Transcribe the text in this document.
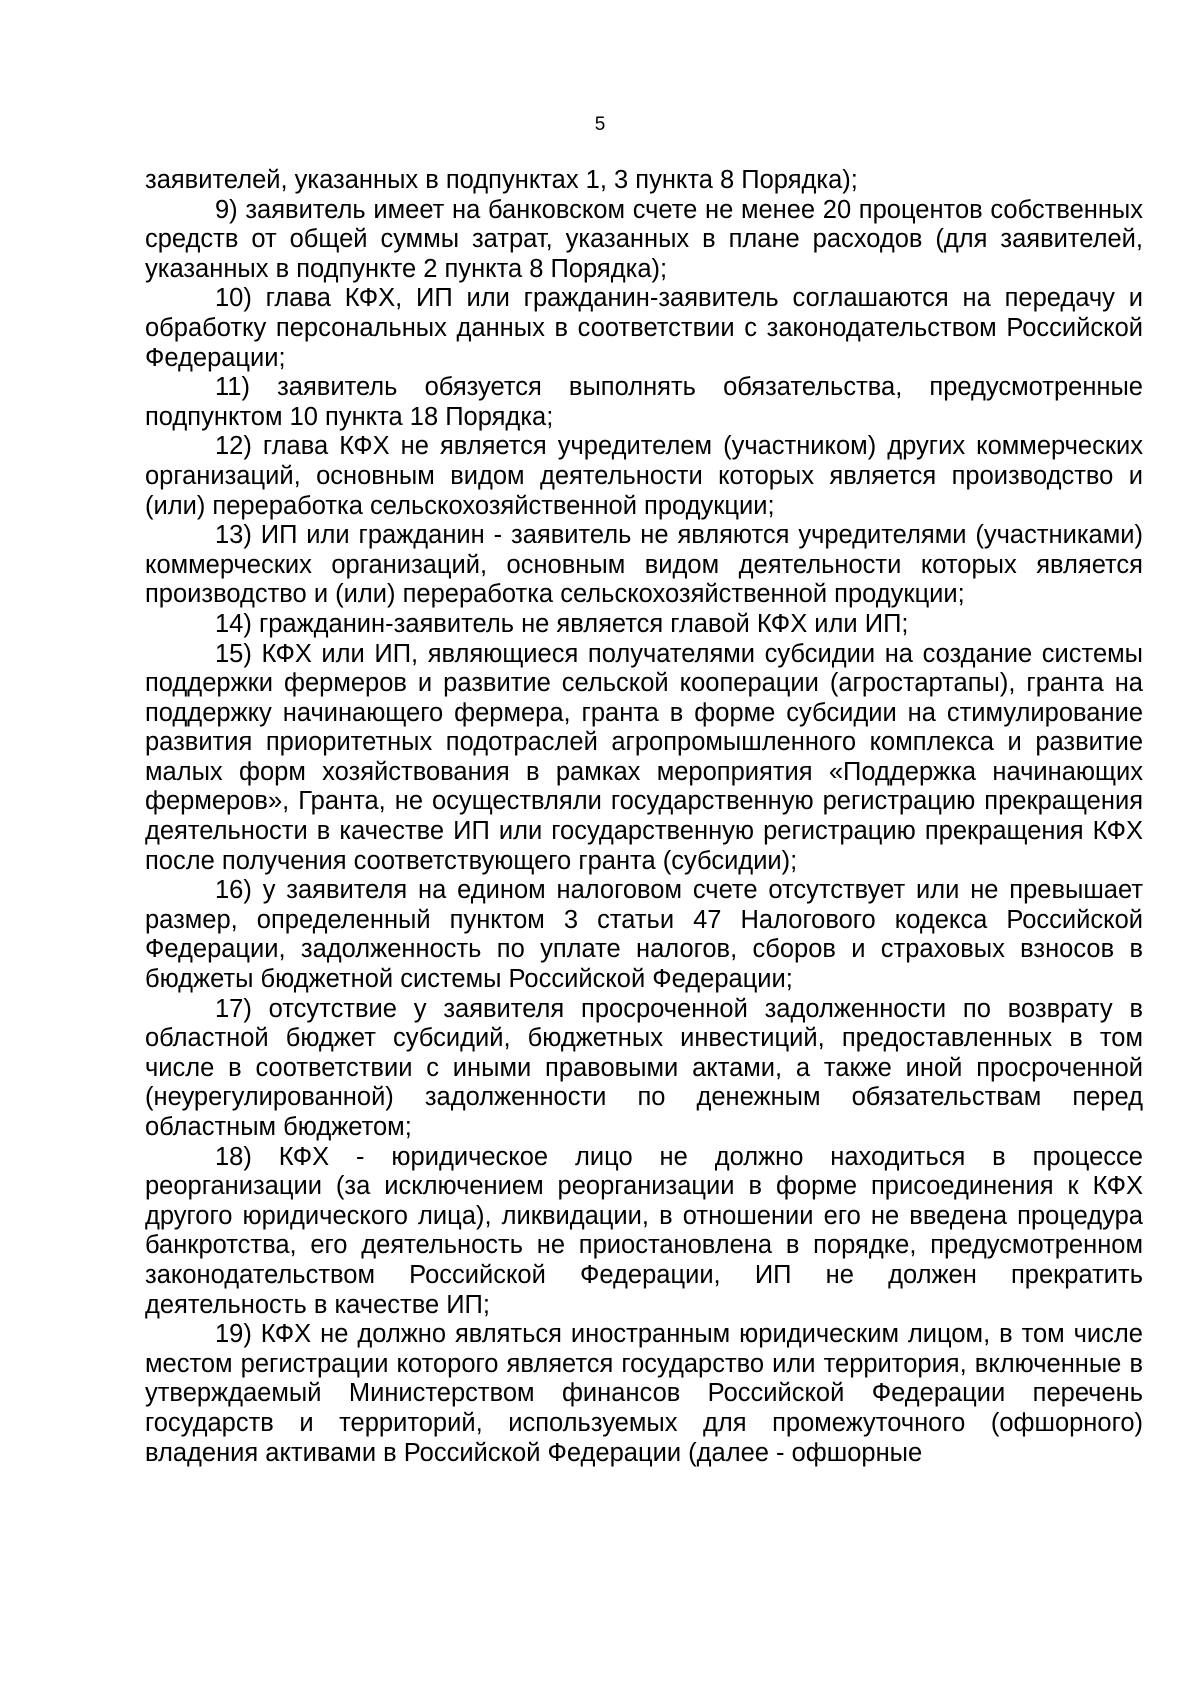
5

заявителей, указанных в подпунктах 1, 3 пункта 8 Порядка);

9) заявитель имеет на банковском счете не менее 20 процентов собственных средств от общей суммы затрат, указанных в плане расходов (для заявителей, указанных в подпункте 2 пункта 8 Порядка);

10) глава КФХ, ИП или гражданин-заявитель соглашаются на передачу и обработку персональных данных в соответствии с законодательством Российской Федерации;

11) заявитель обязуется выполнять обязательства, предусмотренные подпунктом 10 пункта 18 Порядка;

12) глава КФХ не является учредителем (участником) других коммерческих организаций, основным видом деятельности которых является производство и (или) переработка сельскохозяйственной продукции;

13) ИП или гражданин - заявитель не являются учредителями (участниками) коммерческих организаций, основным видом деятельности которых является производство и (или) переработка сельскохозяйственной продукции;

14) гражданин-заявитель не является главой КФХ или ИП;

15) КФХ или ИП, являющиеся получателями субсидии на создание системы поддержки фермеров и развитие сельской кооперации (агростартапы), гранта на поддержку начинающего фермера, гранта в форме субсидии на стимулирование развития приоритетных подотраслей агропромышленного комплекса и развитие малых форм хозяйствования в рамках мероприятия «Поддержка начинающих фермеров», Гранта, не осуществляли государственную регистрацию прекращения деятельности в качестве ИП или государственную регистрацию прекращения КФХ после получения соответствующего гранта (субсидии);

16) у заявителя на едином налоговом счете отсутствует или не превышает размер, определенный пунктом 3 статьи 47 Налогового кодекса Российской Федерации, задолженность по уплате налогов, сборов и страховых взносов в бюджеты бюджетной системы Российской Федерации;

17) отсутствие у заявителя просроченной задолженности по возврату в областной бюджет субсидий, бюджетных инвестиций, предоставленных в том числе в соответствии с иными правовыми актами, а также иной просроченной (неурегулированной) задолженности по денежным обязательствам перед областным бюджетом;

18) КФХ - юридическое лицо не должно находиться в процессе реорганизации (за исключением реорганизации в форме присоединения к КФХ другого юридического лица), ликвидации, в отношении его не введена процедура банкротства, его деятельность не приостановлена в порядке, предусмотренном законодательством Российской Федерации, ИП не должен прекратить деятельность в качестве ИП;

19) КФХ не должно являться иностранным юридическим лицом, в том числе местом регистрации которого является государство или территория, включенные в утверждаемый Министерством финансов Российской Федерации перечень государств и территорий, используемых для промежуточного (офшорного) владения активами в Российской Федерации (далее - офшорные
